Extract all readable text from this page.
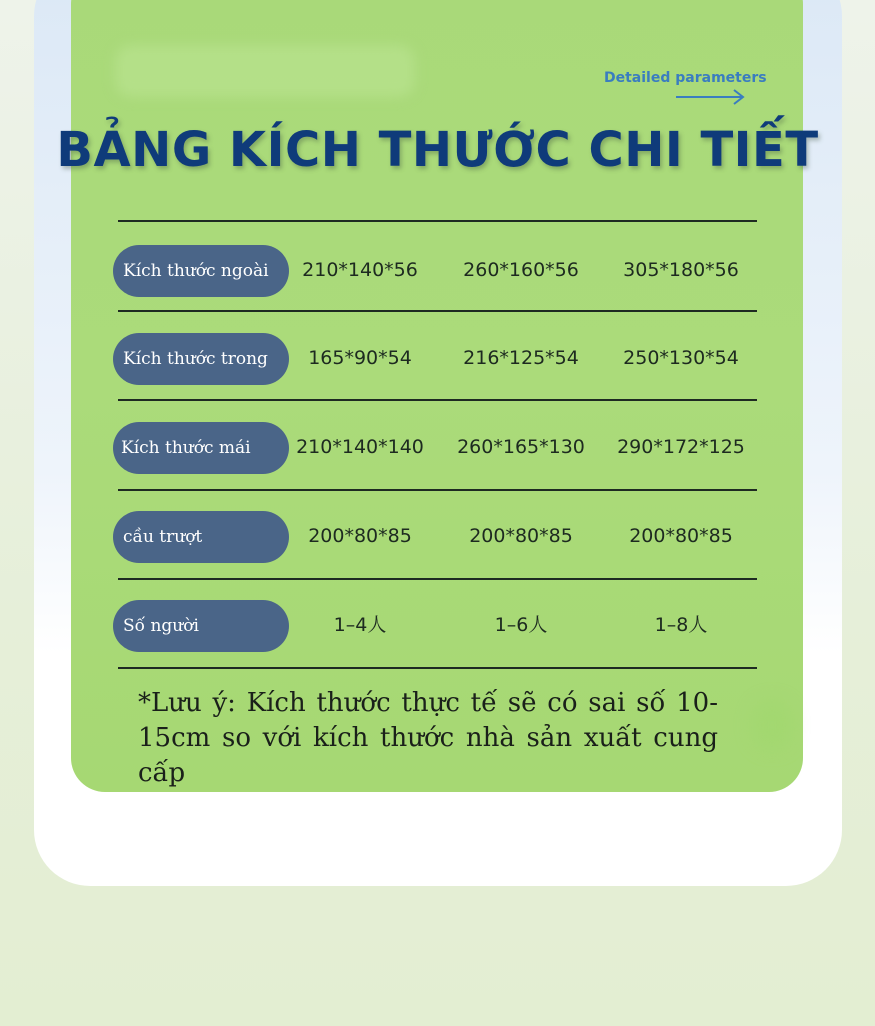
Detailed parameters
BẢNG KÍCH THƯỚC CHI TIẾT
Kích thước ngoài	210*140*56	260*160*56	305*180*56
Kích thước trong	165*90*54	216*125*54	250*130*54
Kích thước mái	210*140*140	260*165*130	290*172*125
cầu trượt	200*80*85	200*80*85	200*80*85
Số người	1–4人	1–6人	1–8人
*Lưu ý: Kích thước thực tế sẽ có sai số 10-15cm so với kích thước nhà sản xuất cung cấp
